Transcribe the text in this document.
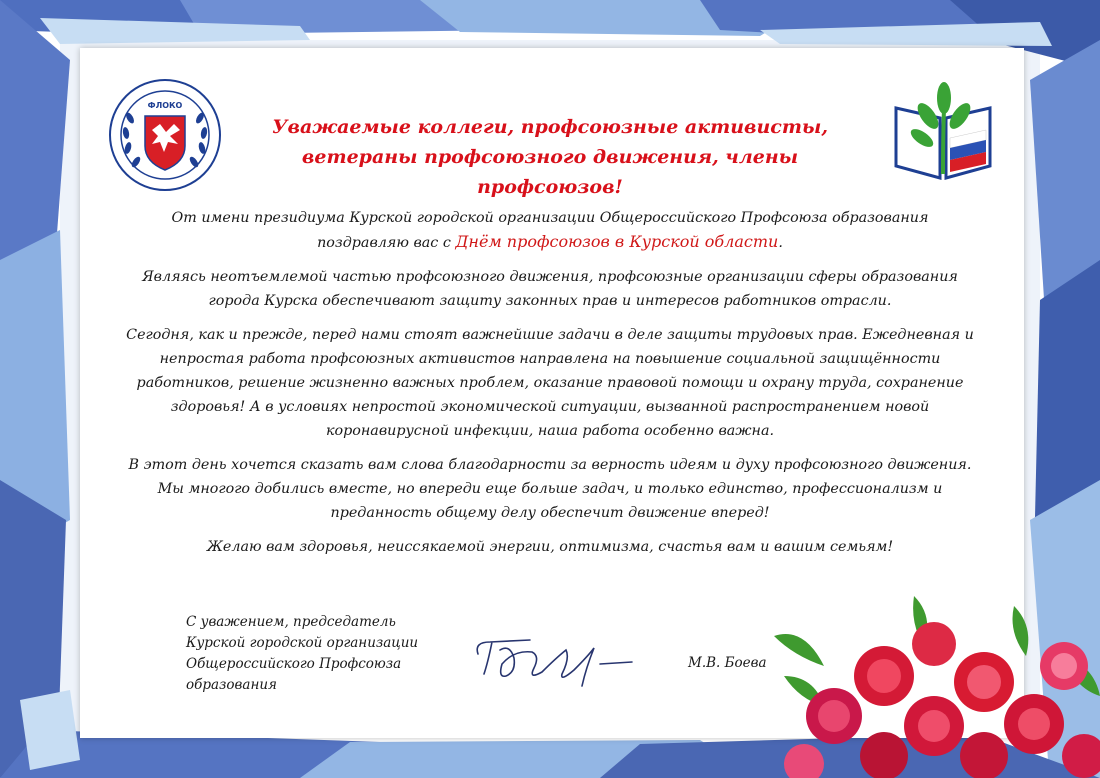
ФЛОКО
Уважаемые коллеги, профсоюзные активисты,
ветераны профсоюзного движения, члены профсоюзов!

От имени президиума Курской городской организации Общероссийского Профсоюза образования
поздравляю вас с Днём профсоюзов в Курской области.

Являясь неотъемлемой частью профсоюзного движения, профсоюзные организации сферы образования города Курска обеспечивают защиту законных прав и интересов работников отрасли.

Сегодня, как и прежде, перед нами стоят важнейшие задачи в деле защиты трудовых прав. Ежедневная и непростая работа профсоюзных активистов направлена на повышение социальной защищённости работников, решение жизненно важных проблем, оказание правовой помощи и охрану труда, сохранение здоровья! А в условиях непростой экономической ситуации, вызванной распространением новой коронавирусной инфекции, наша работа особенно важна.

В этот день хочется сказать вам слова благодарности за верность идеям и духу профсоюзного движения. Мы многого добились вместе, но впереди еще больше задач, и только единство, профессионализм и преданность общему делу обеспечит движение вперед!

Желаю вам здоровья, неиссякаемой энергии, оптимизма, счастья вам и вашим семьям!

С уважением, председатель
Курской городской организации
Общероссийского Профсоюза
образования
М.В. Боева
